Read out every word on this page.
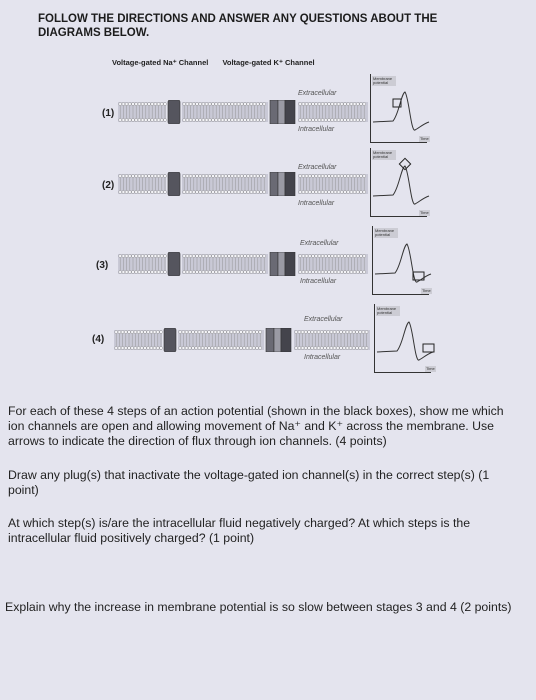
FOLLOW THE DIRECTIONS AND ANSWER ANY QUESTIONS ABOUT THE DIAGRAMS BELOW.
Voltage-gated Na⁺ Channel Voltage-gated K⁺ Channel
(1)
Extracellular
Intracellular
Membrane potential
Time
(2)
Extracellular
Intracellular
Membrane potential
Time
(3)
Extracellular
Intracellular
Membrane potential
Time
(4)
Extracellular
Intracellular
Membrane potential
Time
For each of these 4 steps of an action potential (shown in the black boxes), show me which ion channels are open and allowing movement of Na⁺ and K⁺ across the membrane. Use arrows to indicate the direction of flux through ion channels. (4 points)
Draw any plug(s) that inactivate the voltage-gated ion channel(s) in the correct step(s) (1 point)
At which step(s) is/are the intracellular fluid negatively charged? At which steps is the intracellular fluid positively charged? (1 point)
Explain why the increase in membrane potential is so slow between stages 3 and 4 (2 points)
